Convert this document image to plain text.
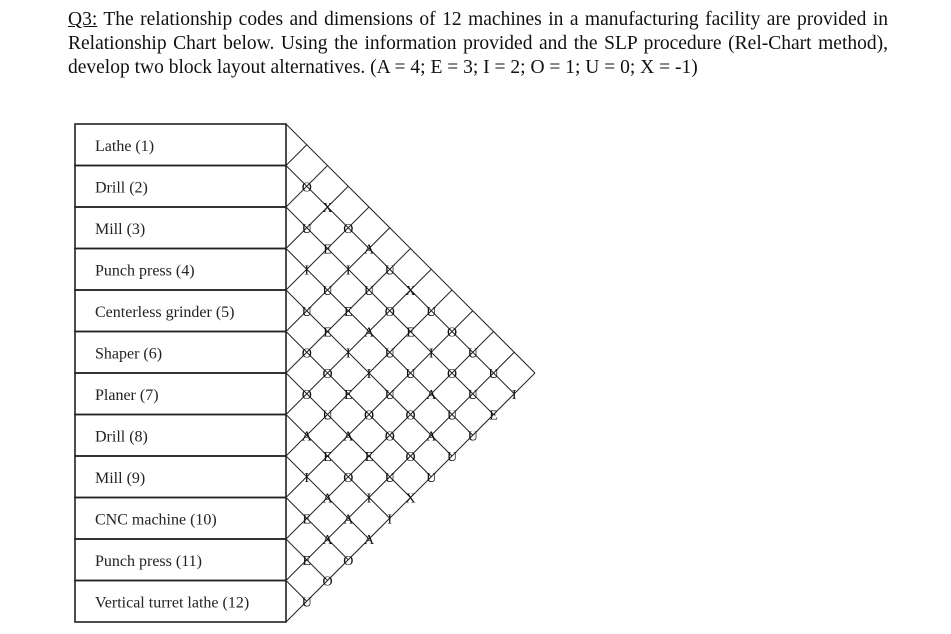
Q3: The relationship codes and dimensions of 12 machines in a manufacturing facility are provided in Relationship Chart below. Using the information provided and the SLP procedure (Rel-Chart method), develop two block layout alternatives. (A = 4; E = 3; I = 2; O = 1; U = 0; X = -1)

Lathe (1)
Drill (2)
Mill (3)
Punch press (4)
Centerless grinder (5)
Shaper (6)
Planer (7)
Drill (8)
Mill (9)
CNC machine (10)
Punch press (11)
Vertical turret lathe (12)
O
U
I
U
O
O
A
I
E
E
U
X
E
U
E
O
U
E
A
A
O
O
I
E
I
E
A
O
A
O
A
U
A
I
O
E
I
A
U
O
U
U
O
U
I
X
E
U
O
O
X
U
I
A
A
U
O
O
U
U
U
U
U
U
E
I
